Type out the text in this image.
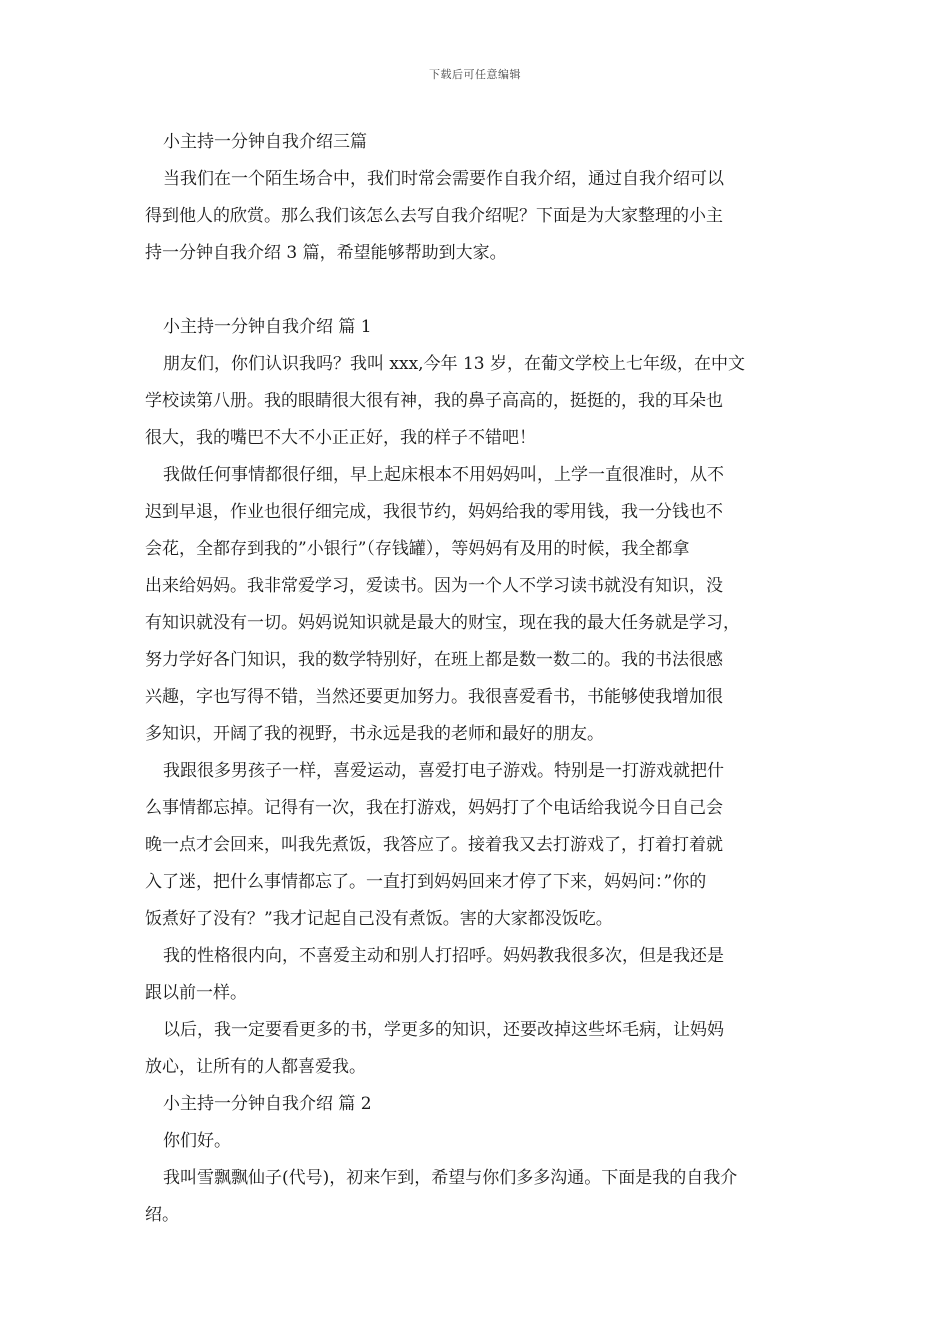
下载后可任意编辑
小主持一分钟自我介绍三篇
当我们在一个陌生场合中，我们时常会需要作自我介绍，通过自我介绍可以
得到他人的欣赏。那么我们该怎么去写自我介绍呢？下面是为大家整理的小主
持一分钟自我介绍 3 篇，希望能够帮助到大家。
小主持一分钟自我介绍 篇 1
朋友们，你们认识我吗？我叫 xxx,今年 13 岁，在葡文学校上七年级，在中文
学校读第八册。我的眼睛很大很有神，我的鼻子高高的，挺挺的，我的耳朵也
很大，我的嘴巴不大不小正正好，我的样子不错吧！
我做任何事情都很仔细，早上起床根本不用妈妈叫，上学一直很准时，从不
迟到早退，作业也很仔细完成，我很节约，妈妈给我的零用钱，我一分钱也不
会花，全都存到我的”小银行”（存钱罐），等妈妈有及用的时候，我全都拿
出来给妈妈。我非常爱学习，爱读书。因为一个人不学习读书就没有知识，没
有知识就没有一切。妈妈说知识就是最大的财宝，现在我的最大任务就是学习，
努力学好各门知识，我的数学特别好，在班上都是数一数二的。我的书法很感
兴趣，字也写得不错，当然还要更加努力。我很喜爱看书，书能够使我增加很
多知识，开阔了我的视野，书永远是我的老师和最好的朋友。
我跟很多男孩子一样，喜爱运动，喜爱打电子游戏。特别是一打游戏就把什
么事情都忘掉。记得有一次，我在打游戏，妈妈打了个电话给我说今日自己会
晚一点才会回来，叫我先煮饭，我答应了。接着我又去打游戏了，打着打着就
入了迷，把什么事情都忘了。一直打到妈妈回来才停了下来，妈妈问：”你的
饭煮好了没有？”我才记起自己没有煮饭。害的大家都没饭吃。
我的性格很内向，不喜爱主动和别人打招呼。妈妈教我很多次，但是我还是
跟以前一样。
以后，我一定要看更多的书，学更多的知识，还要改掉这些坏毛病，让妈妈
放心，让所有的人都喜爱我。
小主持一分钟自我介绍 篇 2
你们好。
我叫雪飘飘仙子(代号)，初来乍到，希望与你们多多沟通。下面是我的自我介
绍。
